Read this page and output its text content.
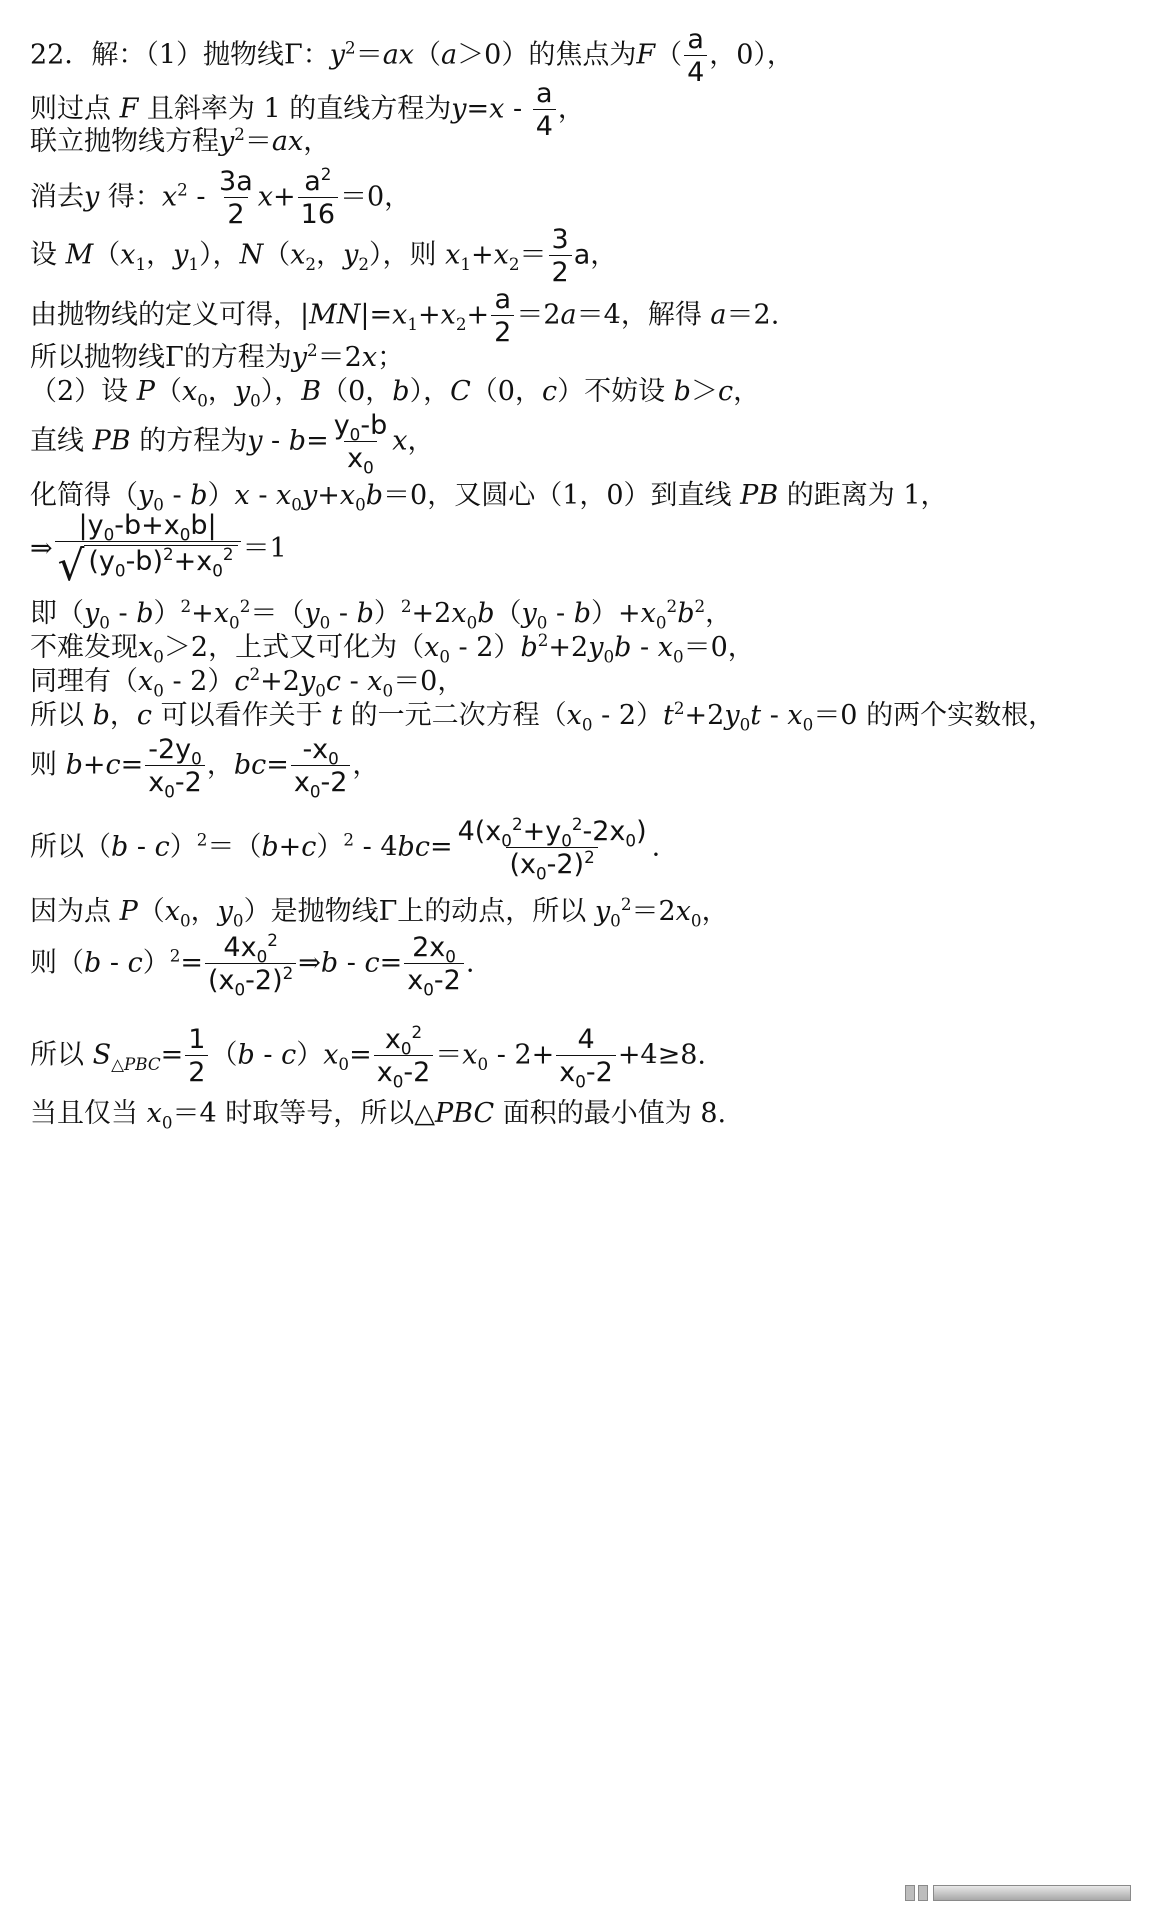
22．解：（1）抛物线Γ：$y^2=ax(a>0)$的焦点为$F( \frac{a}{4}$ ，0），
则过点 F 且斜率为 1 的直线方程为$y=x - \frac{a}{4}$ ，
联立抛物线方程$y^2=ax$，
消去y 得：$x^2 - \frac{3a}{2} x+ \frac{a^2}{16} =0$，
设 $M(x_1$，$y_1$），$N(x_2$，$y_2$），则 $x_1+x_2= \frac{3}{2}$ a，
由抛物线的定义可得，$|MN|=x_1+x_2+ \frac{a}{2} =2a=4$，解得 a＝2.
所以抛物线Γ的方程为$y^2=2x$；
（2）设 $P(x_0$，$y_0$），B（0，b），C（0，c）不妨设 b＞c，
直线 PB 的方程为$y - b= \frac{y_0-b}{x_0}$ x，
化简得$(y_0 - b)x - x_0y+x_0b=0$，又圆心（1，0）到直线 PB 的距离为 1，
⇒ $\frac{|y_0-b+x_0b|}{√ (y_0-b)^2+x_0^2} =1$
即$(y_0 - b)^2+x_0^2=(y_0 - b)^2+2x_0b(y_0 - b)+x_0^2b^2$，
不难发现$x_0>2$，上式又可化为$(x_0 - 2)b^2+2y_0b - x_0=0$，
同理有$(x_0 - 2)c^2+2y_0c - x_0=0$，
所以 b，c 可以看作关于 t 的一元二次方程$(x_0 - 2)t^2+2y_0t - x_0=0$ 的两个实数根，
则 $b+c= \frac{-2y_0}{x_0-2}$ ，$bc= \frac{-x_0}{x_0-2}$ ，
所以$(b - c)^2=(b+c)^2 - 4bc= \frac{4(x_0^2+y_0^2-2x_0)}{(x_0-2)^2}$ .
因为点 $P(x_0$，$y_0$）是抛物线Γ上的动点，所以 $y_0^2=2x_0$，
则$(b - c)^2= \frac{4x_0^2}{(x_0-2)^2}$ ⇒b - $c= \frac{2x_0}{x_0-2}$ .
所以 $S_{\triangle PBC}= \frac{1}{2} (b - c)x_0= \frac{x_0^2}{x_0-2} =x_0 - 2+ \frac{4}{x_0-2} +4\ge 8$.
当且仅当 $x_0=4$ 时取等号，所以△PBC 面积的最小值为 8.
